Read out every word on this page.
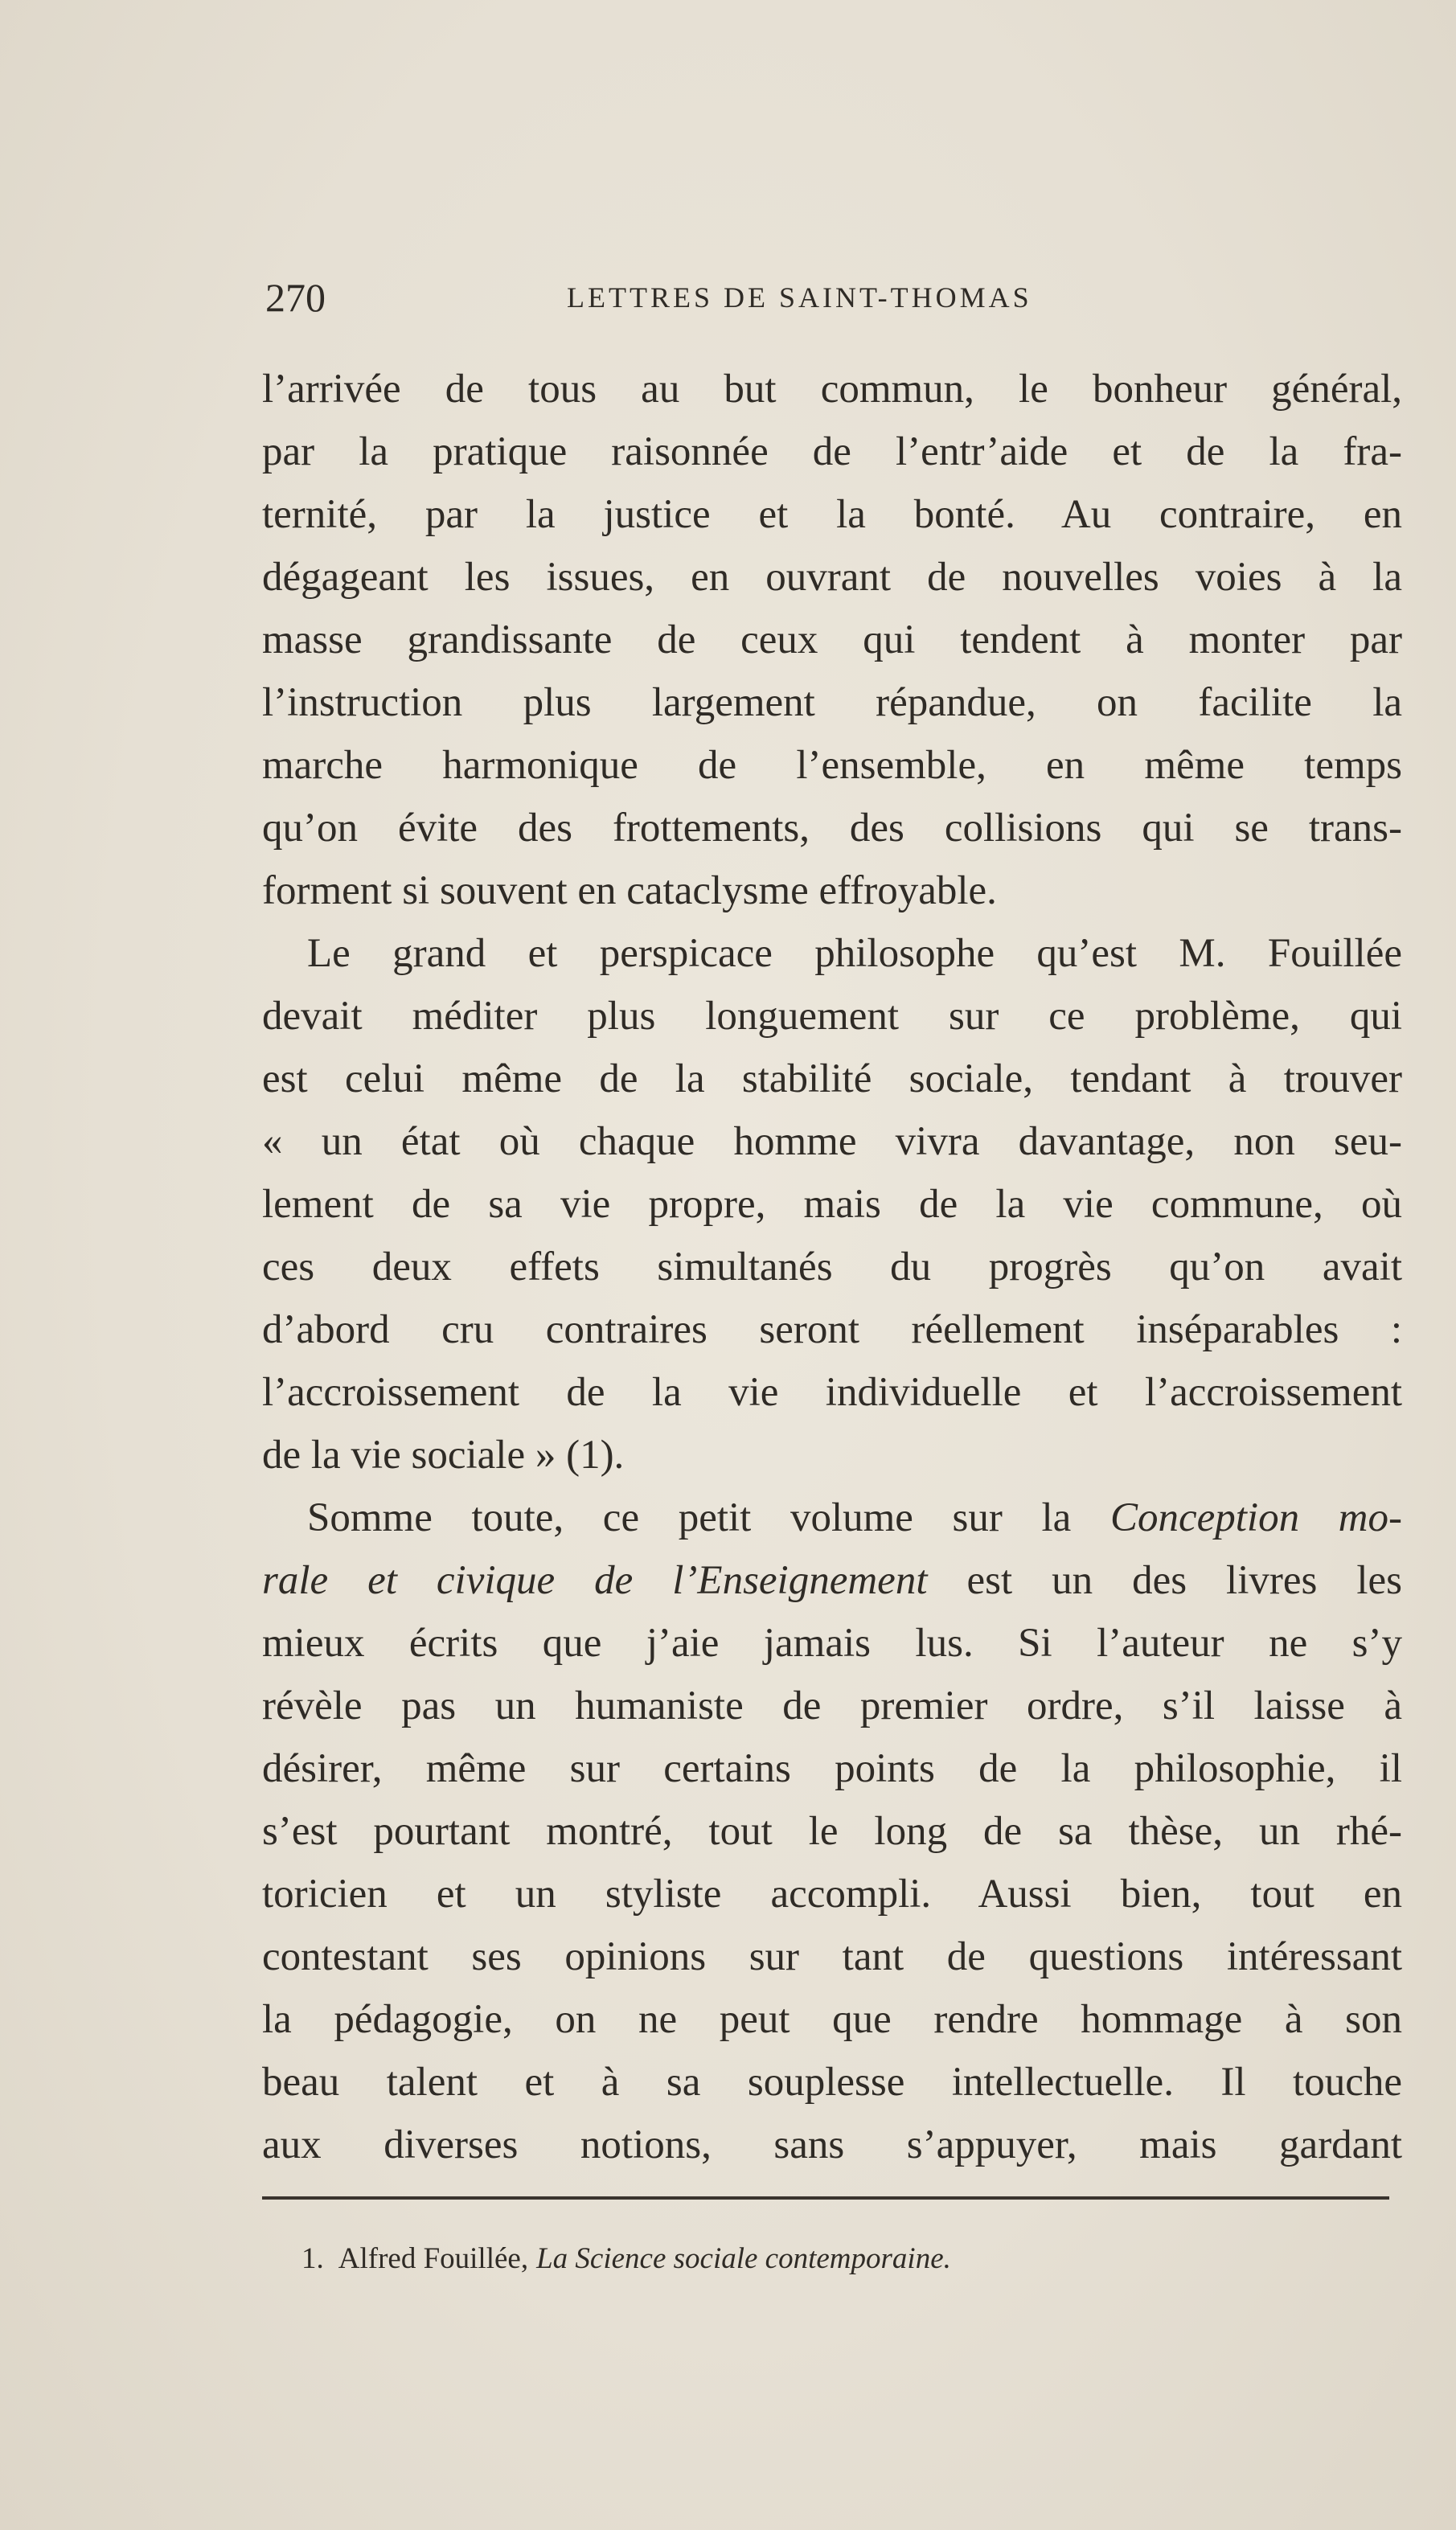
270	LETTRES DE SAINT-THOMAS
l’arrivée de tous au but commun, le bonheur général,
par la pratique raisonnée de l’entr’aide et de la fra-
ternité, par la justice et la bonté. Au contraire, en
dégageant les issues, en ouvrant de nouvelles voies à la
masse grandissante de ceux qui tendent à monter par
l’instruction plus largement répandue, on facilite la
marche harmonique de l’ensemble, en même temps
qu’on évite des frottements, des collisions qui se trans-
forment si souvent en cataclysme effroyable.
Le grand et perspicace philosophe qu’est M. Fouillée
devait méditer plus longuement sur ce problème, qui
est celui même de la stabilité sociale, tendant à trouver
« un état où chaque homme vivra davantage, non seu-
lement de sa vie propre, mais de la vie commune, où
ces deux effets simultanés du progrès qu’on avait
d’abord cru contraires seront réellement inséparables :
l’accroissement de la vie individuelle et l’accroissement
de la vie sociale » (1).
Somme toute, ce petit volume sur la Conception mo-
rale et civique de l’Enseignement est un des livres les
mieux écrits que j’aie jamais lus. Si l’auteur ne s’y
révèle pas un humaniste de premier ordre, s’il laisse à
désirer, même sur certains points de la philosophie, il
s’est pourtant montré, tout le long de sa thèse, un rhé-
toricien et un styliste accompli. Aussi bien, tout en
contestant ses opinions sur tant de questions intéressant
la pédagogie, on ne peut que rendre hommage à son
beau talent et à sa souplesse intellectuelle. Il touche
aux diverses notions, sans s’appuyer, mais gardant
1. Alfred Fouillée, La Science sociale contemporaine.
